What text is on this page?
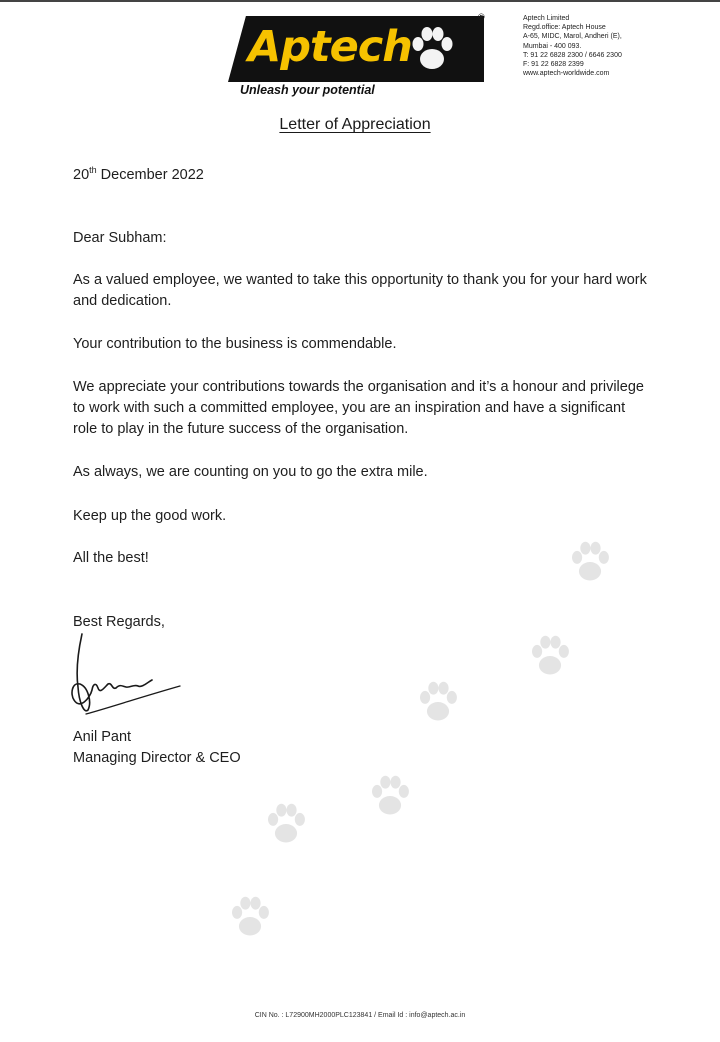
Aptech
®
Unleash your potential
Aptech Limited
Regd.office: Aptech House
A-65, MIDC, Marol, Andheri (E),
Mumbai - 400 093.
T: 91 22 6828 2300 / 6646 2300
F: 91 22 6828 2399
www.aptech-worldwide.com
Letter of Appreciation
20th December 2022
Dear Subham:
As a valued employee, we wanted to take this opportunity to thank you for your hard work and dedication.
Your contribution to the business is commendable.
We appreciate your contributions towards the organisation and it’s a honour and privilege to work with such a committed employee, you are an inspiration and have a significant role to play in the future success of the organisation.
As always, we are counting on you to go the extra mile.
Keep up the good work.
All the best!
Best Regards,
Anil Pant
Managing Director & CEO
CIN No. : L72900MH2000PLC123841 / Email Id : info@aptech.ac.in
